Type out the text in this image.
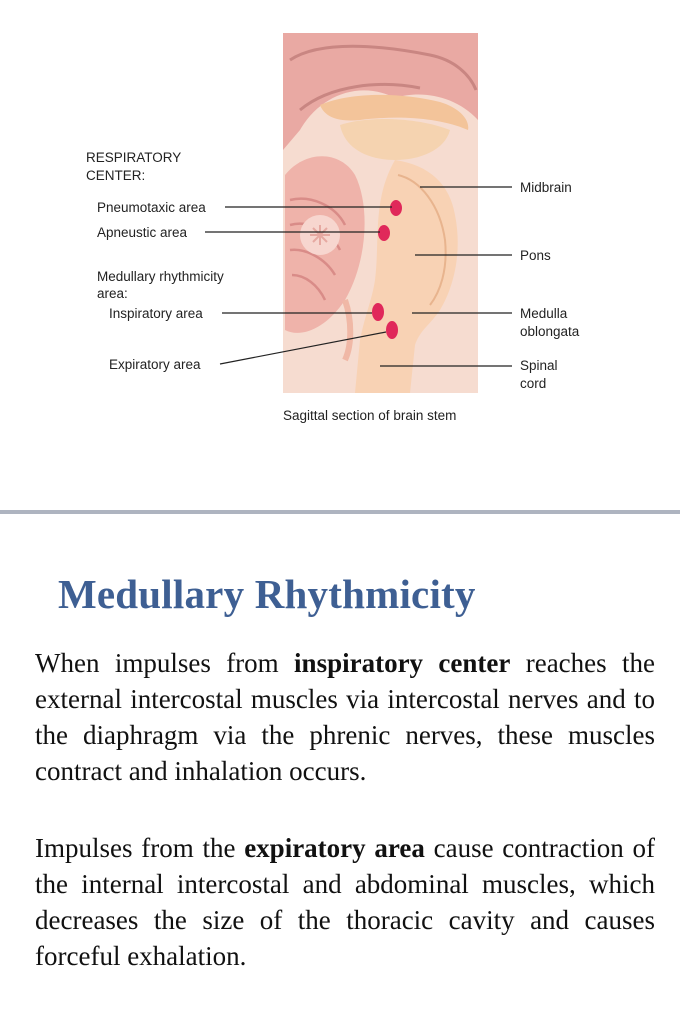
RESPIRATORY
CENTER:
Pneumotaxic area
Apneustic area
Medullary rhythmicity
area:
Inspiratory area
Expiratory area
Midbrain
Pons
Medulla
oblongata
Spinal
cord
Sagittal section of brain stem
Medullary Rhythmicity

When impulses from inspiratory center reaches the external intercostal muscles via intercostal nerves and to the diaphragm via the phrenic nerves, these muscles contract and inhalation occurs.

Impulses from the expiratory area cause contraction of the internal intercostal and abdominal muscles, which decreases the size of the thoracic cavity and causes forceful exhalation.
